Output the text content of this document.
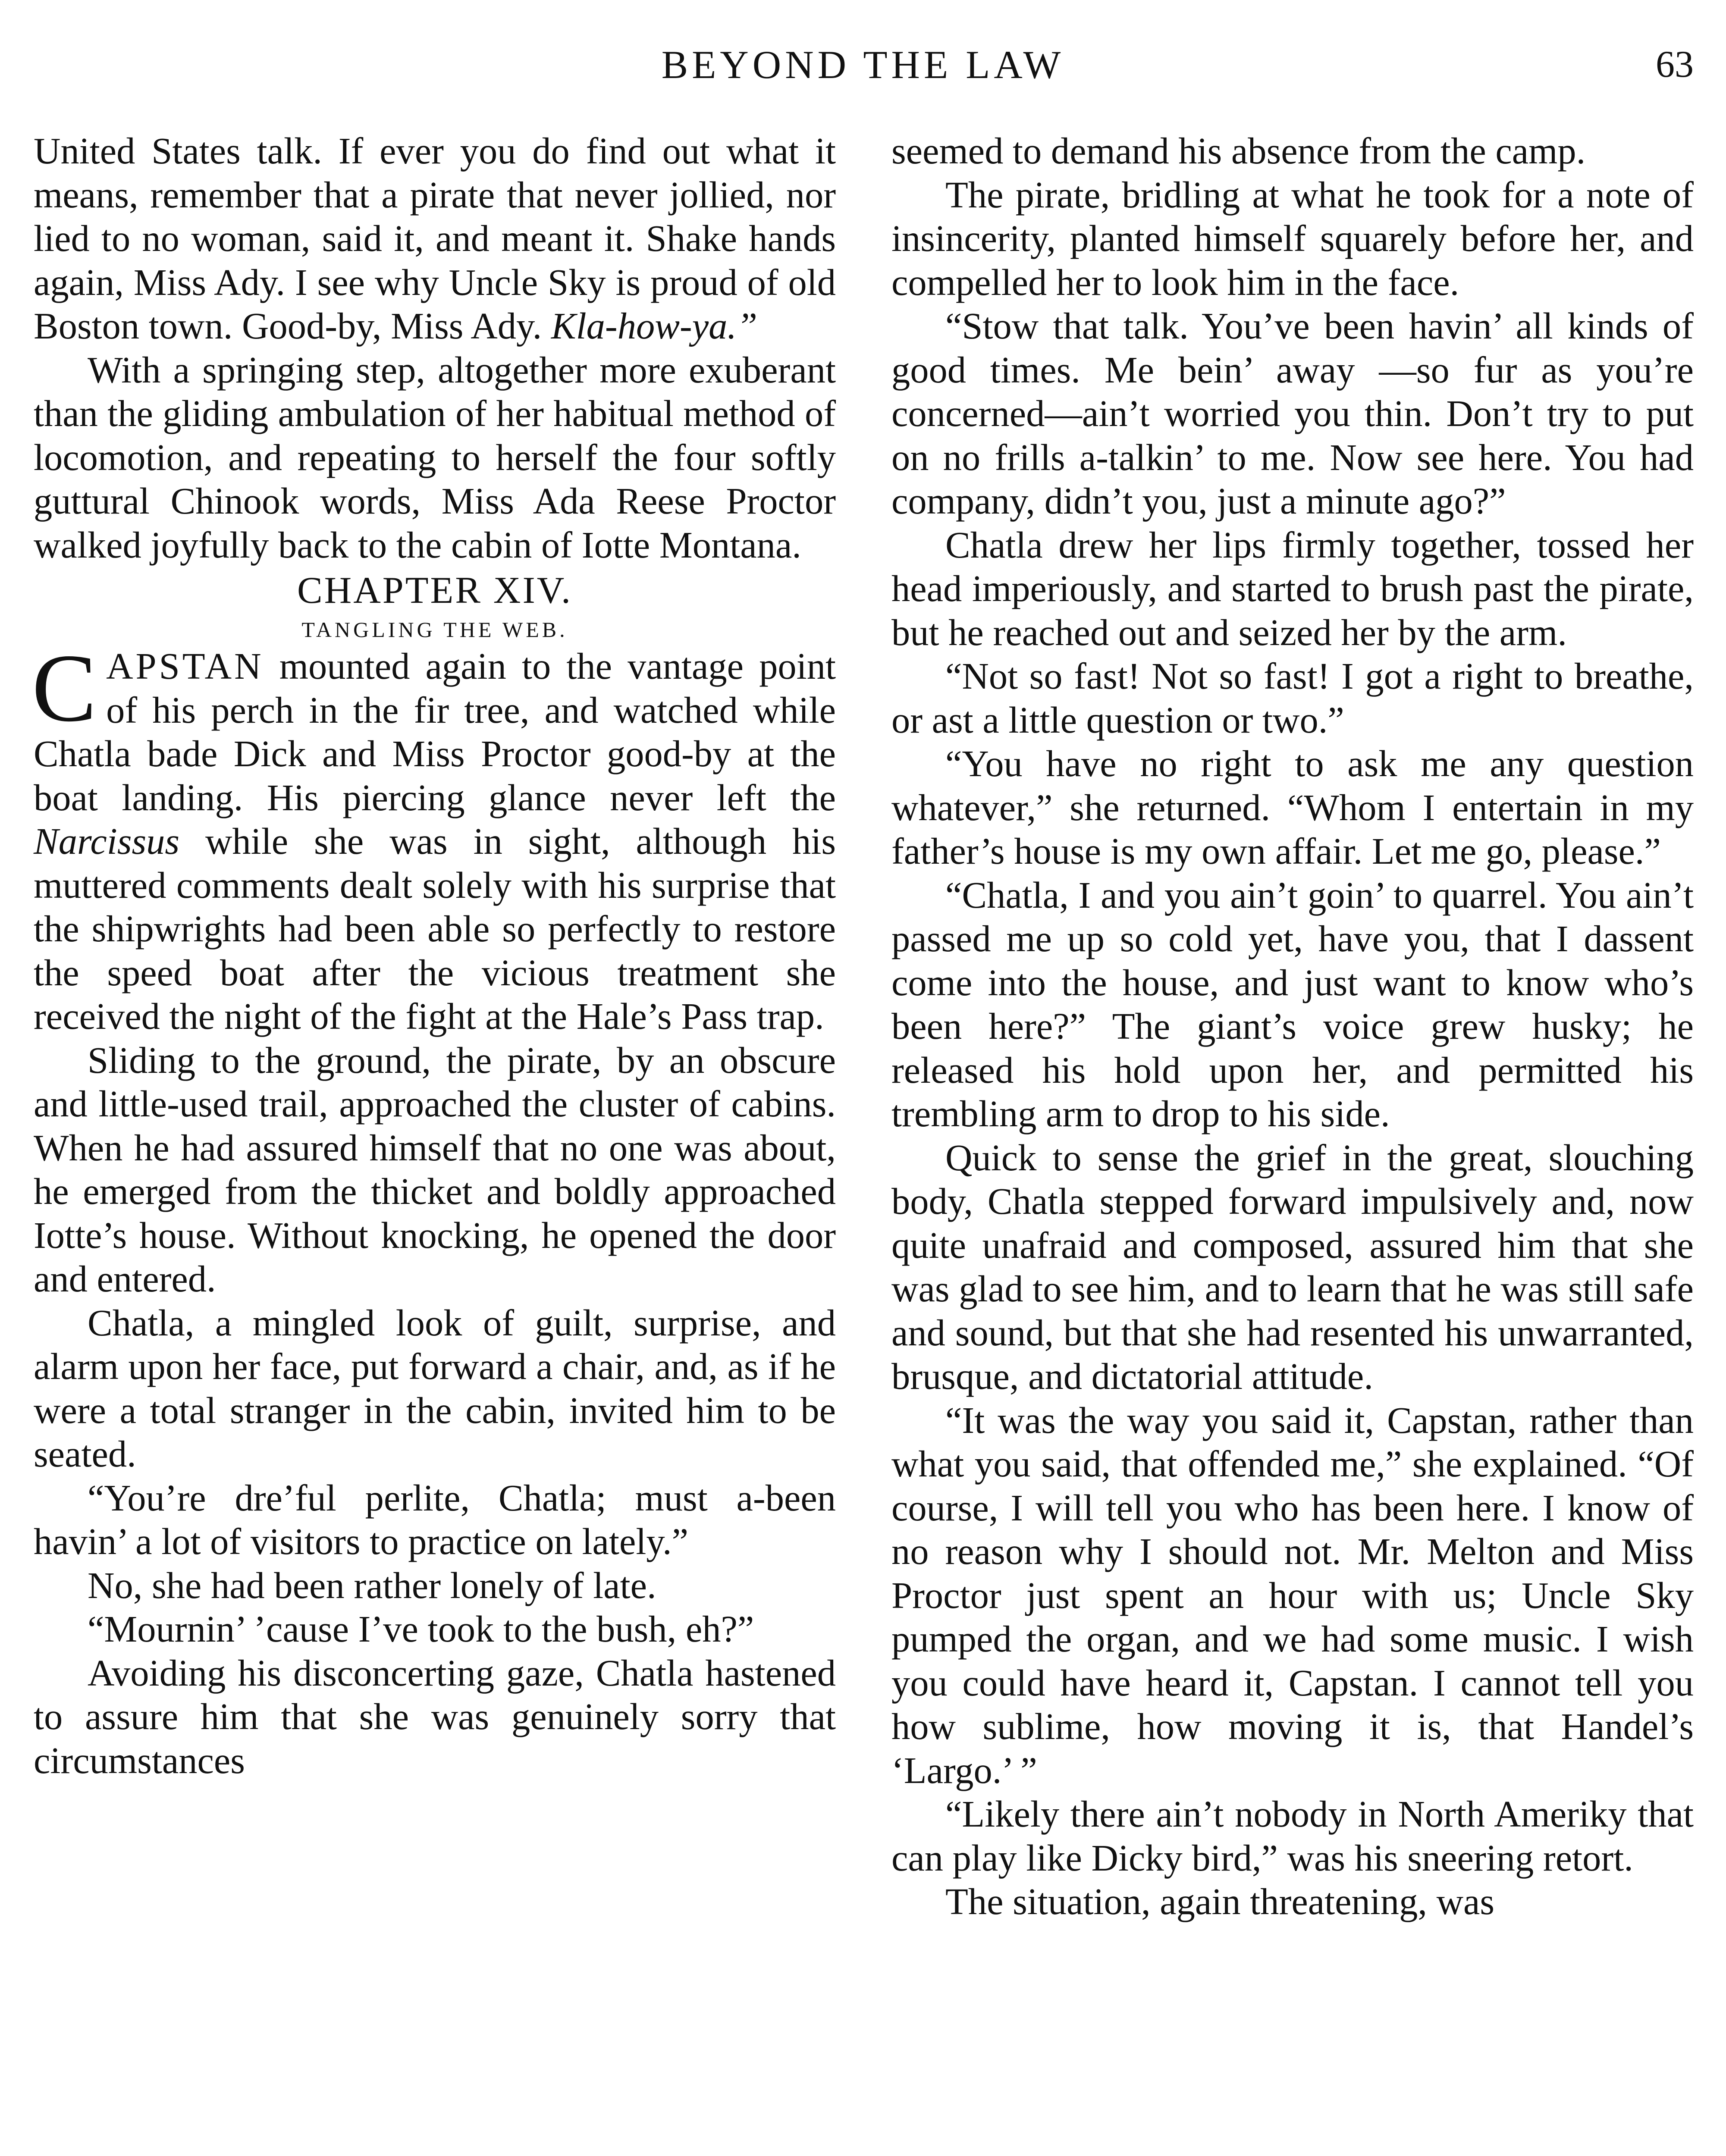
BEYOND THE LAW	63

United States talk. If ever you do find out what it means, remember that a pirate that never jollied, nor lied to no woman, said it, and meant it. Shake hands again, Miss Ady. I see why Uncle Sky is proud of old Boston town. Good-by, Miss Ady. Kla-how-ya.”

With a springing step, altogether more exuberant than the gliding ambulation of her habitual method of locomotion, and repeating to herself the four softly guttural Chinook words, Miss Ada Reese Proctor walked joyfully back to the cabin of Iotte Montana.

CHAPTER XIV.

TANGLING THE WEB.

CAPSTAN mounted again to the vantage point of his perch in the fir tree, and watched while Chatla bade Dick and Miss Proctor good-by at the boat landing. His piercing glance never left the Narcissus while she was in sight, although his muttered comments dealt solely with his surprise that the shipwrights had been able so perfectly to restore the speed boat after the vicious treatment she received the night of the fight at the Hale’s Pass trap.

Sliding to the ground, the pirate, by an obscure and little-used trail, approached the cluster of cabins. When he had assured himself that no one was about, he emerged from the thicket and boldly approached Iotte’s house. Without knocking, he opened the door and entered.

Chatla, a mingled look of guilt, surprise, and alarm upon her face, put forward a chair, and, as if he were a total stranger in the cabin, invited him to be seated.

“You’re dre’ful perlite, Chatla; must a-been havin’ a lot of visitors to practice on lately.”

No, she had been rather lonely of late.

“Mournin’ ’cause I’ve took to the bush, eh?”

Avoiding his disconcerting gaze, Chatla hastened to assure him that she was genuinely sorry that circumstances

seemed to demand his absence from the camp.

The pirate, bridling at what he took for a note of insincerity, planted himself squarely before her, and compelled her to look him in the face.

“Stow that talk. You’ve been havin’ all kinds of good times. Me bein’ away —so fur as you’re concerned—ain’t worried you thin. Don’t try to put on no frills a-talkin’ to me. Now see here. You had company, didn’t you, just a minute ago?”

Chatla drew her lips firmly together, tossed her head imperiously, and started to brush past the pirate, but he reached out and seized her by the arm.

“Not so fast! Not so fast! I got a right to breathe, or ast a little question or two.”

“You have no right to ask me any question whatever,” she returned. “Whom I entertain in my father’s house is my own affair. Let me go, please.”

“Chatla, I and you ain’t goin’ to quarrel. You ain’t passed me up so cold yet, have you, that I dassent come into the house, and just want to know who’s been here?” The giant’s voice grew husky; he released his hold upon her, and permitted his trembling arm to drop to his side.

Quick to sense the grief in the great, slouching body, Chatla stepped forward impulsively and, now quite unafraid and composed, assured him that she was glad to see him, and to learn that he was still safe and sound, but that she had resented his unwarranted, brusque, and dictatorial attitude.

“It was the way you said it, Capstan, rather than what you said, that offended me,” she explained. “Of course, I will tell you who has been here. I know of no reason why I should not. Mr. Melton and Miss Proctor just spent an hour with us; Uncle Sky pumped the organ, and we had some music. I wish you could have heard it, Capstan. I cannot tell you how sublime, how moving it is, that Handel’s ‘Largo.’ ”

“Likely there ain’t nobody in North Ameriky that can play like Dicky bird,” was his sneering retort.

The situation, again threatening, was
